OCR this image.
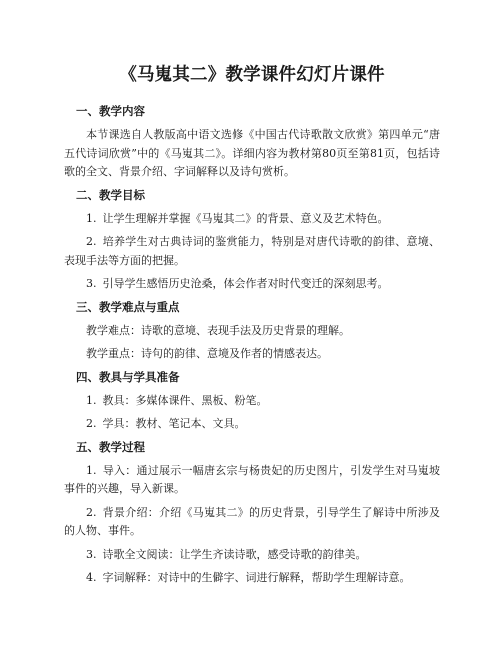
《马嵬其二》教学课件幻灯片课件
一、教学内容

本节课选自人教版高中语文选修《中国古代诗歌散文欣赏》第四单元“唐五代诗词欣赏”中的《马嵬其二》。详细内容为教材第80页至第81页，包括诗歌的全文、背景介绍、字词解释以及诗句赏析。

二、教学目标

1. 让学生理解并掌握《马嵬其二》的背景、意义及艺术特色。

2. 培养学生对古典诗词的鉴赏能力，特别是对唐代诗歌的韵律、意境、表现手法等方面的把握。

3. 引导学生感悟历史沧桑，体会作者对时代变迁的深刻思考。

三、教学难点与重点

教学难点：诗歌的意境、表现手法及历史背景的理解。

教学重点：诗句的韵律、意境及作者的情感表达。

四、教具与学具准备

1. 教具：多媒体课件、黑板、粉笔。

2. 学具：教材、笔记本、文具。

五、教学过程

1. 导入：通过展示一幅唐玄宗与杨贵妃的历史图片，引发学生对马嵬坡事件的兴趣，导入新课。

2. 背景介绍：介绍《马嵬其二》的历史背景，引导学生了解诗中所涉及的人物、事件。

3. 诗歌全文阅读：让学生齐读诗歌，感受诗歌的韵律美。

4. 字词解释：对诗中的生僻字、词进行解释，帮助学生理解诗意。
